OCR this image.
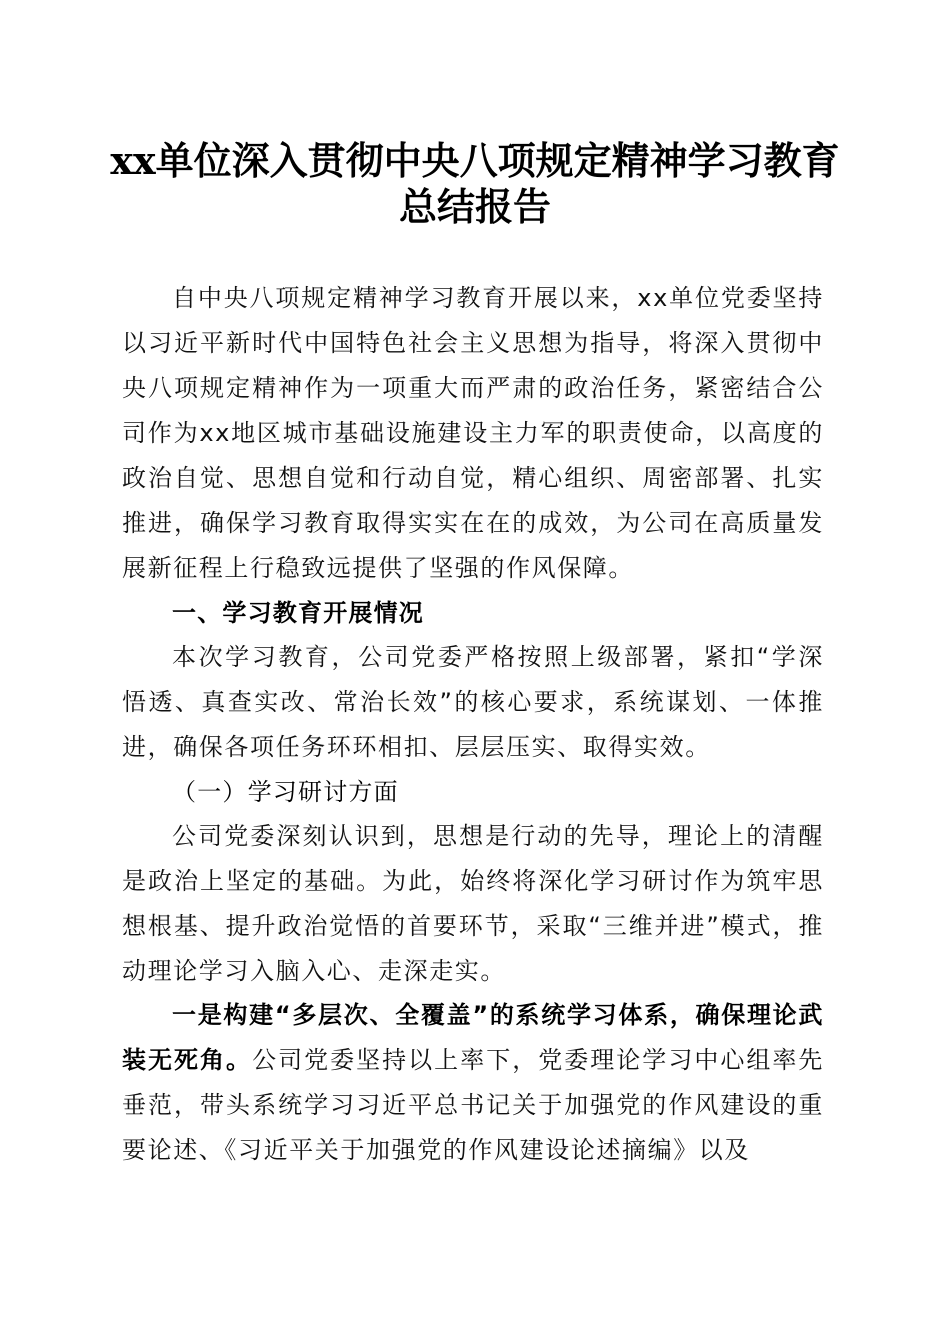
xx单位深入贯彻中央八项规定精神学习教育
总结报告

自中央八项规定精神学习教育开展以来，xx单位党委坚持以习近平新时代中国特色社会主义思想为指导，将深入贯彻中央八项规定精神作为一项重大而严肃的政治任务，紧密结合公司作为xx地区城市基础设施建设主力军的职责使命，以高度的政治自觉、思想自觉和行动自觉，精心组织、周密部署、扎实推进，确保学习教育取得实实在在的成效，为公司在高质量发展新征程上行稳致远提供了坚强的作风保障。

一、学习教育开展情况

本次学习教育，公司党委严格按照上级部署，紧扣“学深悟透、真查实改、常治长效”的核心要求，系统谋划、一体推进，确保各项任务环环相扣、层层压实、取得实效。

（一）学习研讨方面

公司党委深刻认识到，思想是行动的先导，理论上的清醒是政治上坚定的基础。为此，始终将深化学习研讨作为筑牢思想根基、提升政治觉悟的首要环节，采取“三维并进”模式，推动理论学习入脑入心、走深走实。

一是构建“多层次、全覆盖”的系统学习体系，确保理论武装无死角。公司党委坚持以上率下，党委理论学习中心组率先垂范，带头系统学习习近平总书记关于加强党的作风建设的重要论述、《习近平关于加强党的作风建设论述摘编》以及
